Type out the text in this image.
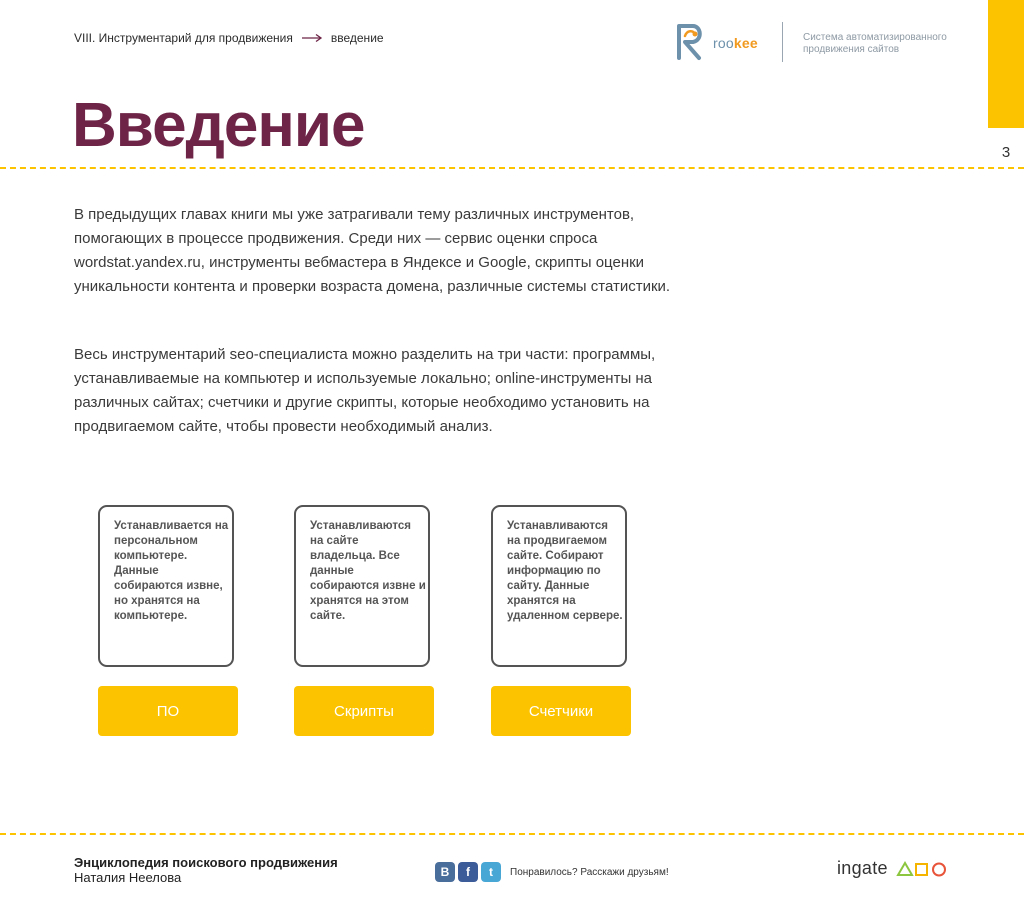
VIII. Инструментарий для продвижения	введение	rookee	Система автоматизированного продвижения сайтов
3
Введение
В предыдущих главах книги мы уже затрагивали тему различных инструментов, помогающих в процессе продвижения. Среди них — сервис оценки спроса wordstat.yandex.ru, инструменты вебмастера в Яндексе и Google, скрипты оценки уникальности контента и проверки возраста домена, различные системы статистики.
Весь инструментарий seo-специалиста можно разделить на три части: программы, устанавливаемые на компьютер и используемые локально; online-инструменты на различных сайтах; счетчики и другие скрипты, которые необходимо установить на продвигаемом сайте, чтобы провести необходимый анализ.
Устанавливается на персональном компьютере. Данные собираются извне, но хранятся на компьютере.
ПО
Устанавливаются на сайте владельца. Все данные собираются извне и хранятся на этом сайте.
Скрипты
Устанавливаются на продвигаемом сайте. Собирают информацию по сайту. Данные хранятся на удаленном сервере.
Счетчики
Энциклопедия поискового продвижения
Наталия Неелова	В	f	t	Понравилось? Расскажи друзьям!	ingate
